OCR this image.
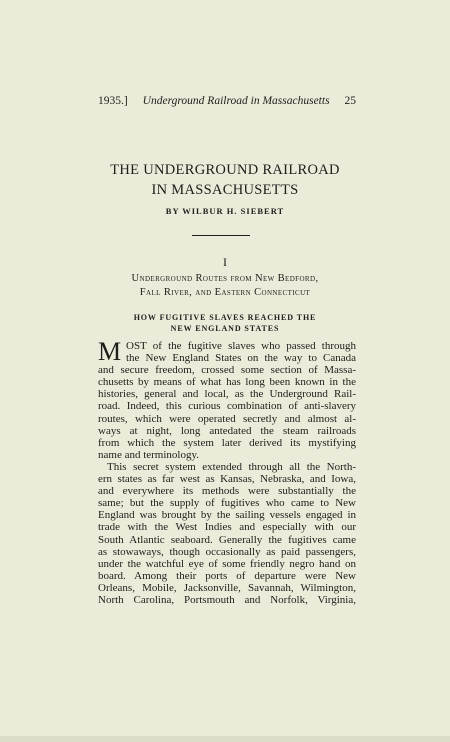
1935.] Underground Railroad in Massachusetts 25
THE UNDERGROUND RAILROAD
IN MASSACHUSETTS
BY WILBUR H. SIEBERT
I
Underground Routes from New Bedford,
Fall River, and Eastern Connecticut
HOW FUGITIVE SLAVES REACHED THE
NEW ENGLAND STATES
M OST of the fugitive slaves who passed through
the New England States on the way to Canada
and secure freedom, crossed some section of Massa-
chusetts by means of what has long been known in the
histories, general and local, as the Underground Rail-
road. Indeed, this curious combination of anti-slavery
routes, which were operated secretly and almost al-
ways at night, long antedated the steam railroads
from which the system later derived its mystifying
name and terminology.
This secret system extended through all the North-
ern states as far west as Kansas, Nebraska, and Iowa,
and everywhere its methods were substantially the
same; but the supply of fugitives who came to New
England was brought by the sailing vessels engaged in
trade with the West Indies and especially with our
South Atlantic seaboard. Generally the fugitives came
as stowaways, though occasionally as paid passengers,
under the watchful eye of some friendly negro hand on
board. Among their ports of departure were New
Orleans, Mobile, Jacksonville, Savannah, Wilmington,
North Carolina, Portsmouth and Norfolk, Virginia,
